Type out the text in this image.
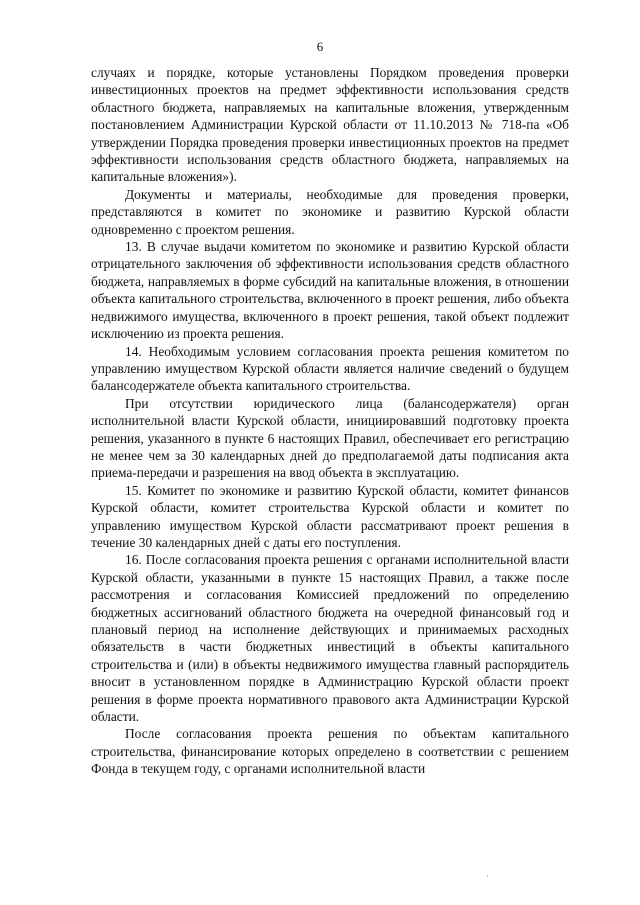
6

случаях и порядке, которые установлены Порядком проведения проверки инвестиционных проектов на предмет эффективности использования средств областного бюджета, направляемых на капитальные вложения, утвержденным постановлением Администрации Курской области от 11.10.2013 № 718-па «Об утверждении Порядка проведения проверки инвестиционных проектов на предмет эффективности использования средств областного бюджета, направляемых на капитальные вложения»).

Документы и материалы, необходимые для проведения проверки, представляются в комитет по экономике и развитию Курской области одновременно с проектом решения.

13. В случае выдачи комитетом по экономике и развитию Курской области отрицательного заключения об эффективности использования средств областного бюджета, направляемых в форме субсидий на капитальные вложения, в отношении объекта капитального строительства, включенного в проект решения, либо объекта недвижимого имущества, включенного в проект решения, такой объект подлежит исключению из проекта решения.

14. Необходимым условием согласования проекта решения комитетом по управлению имуществом Курской области является наличие сведений о будущем балансодержателе объекта капитального строительства.

При отсутствии юридического лица (балансодержателя) орган исполнительной власти Курской области, инициировавший подготовку проекта решения, указанного в пункте 6 настоящих Правил, обеспечивает его регистрацию не менее чем за 30 календарных дней до предполагаемой даты подписания акта приема-передачи и разрешения на ввод объекта в эксплуатацию.

15. Комитет по экономике и развитию Курской области, комитет финансов Курской области, комитет строительства Курской области и комитет по управлению имуществом Курской области рассматривают проект решения в течение 30 календарных дней с даты его поступления.

16. После согласования проекта решения с органами исполнительной власти Курской области, указанными в пункте 15 настоящих Правил, а также после рассмотрения и согласования Комиссией предложений по определению бюджетных ассигнований областного бюджета на очередной финансовый год и плановый период на исполнение действующих и принимаемых расходных обязательств в части бюджетных инвестиций в объекты капитального строительства и (или) в объекты недвижимого имущества главный распорядитель вносит в установленном порядке в Администрацию Курской области проект решения в форме проекта нормативного правового акта Администрации Курской области.

После согласования проекта решения по объектам капитального строительства, финансирование которых определено в соответствии с решением Фонда в текущем году, с органами исполнительной власти

ˌ
